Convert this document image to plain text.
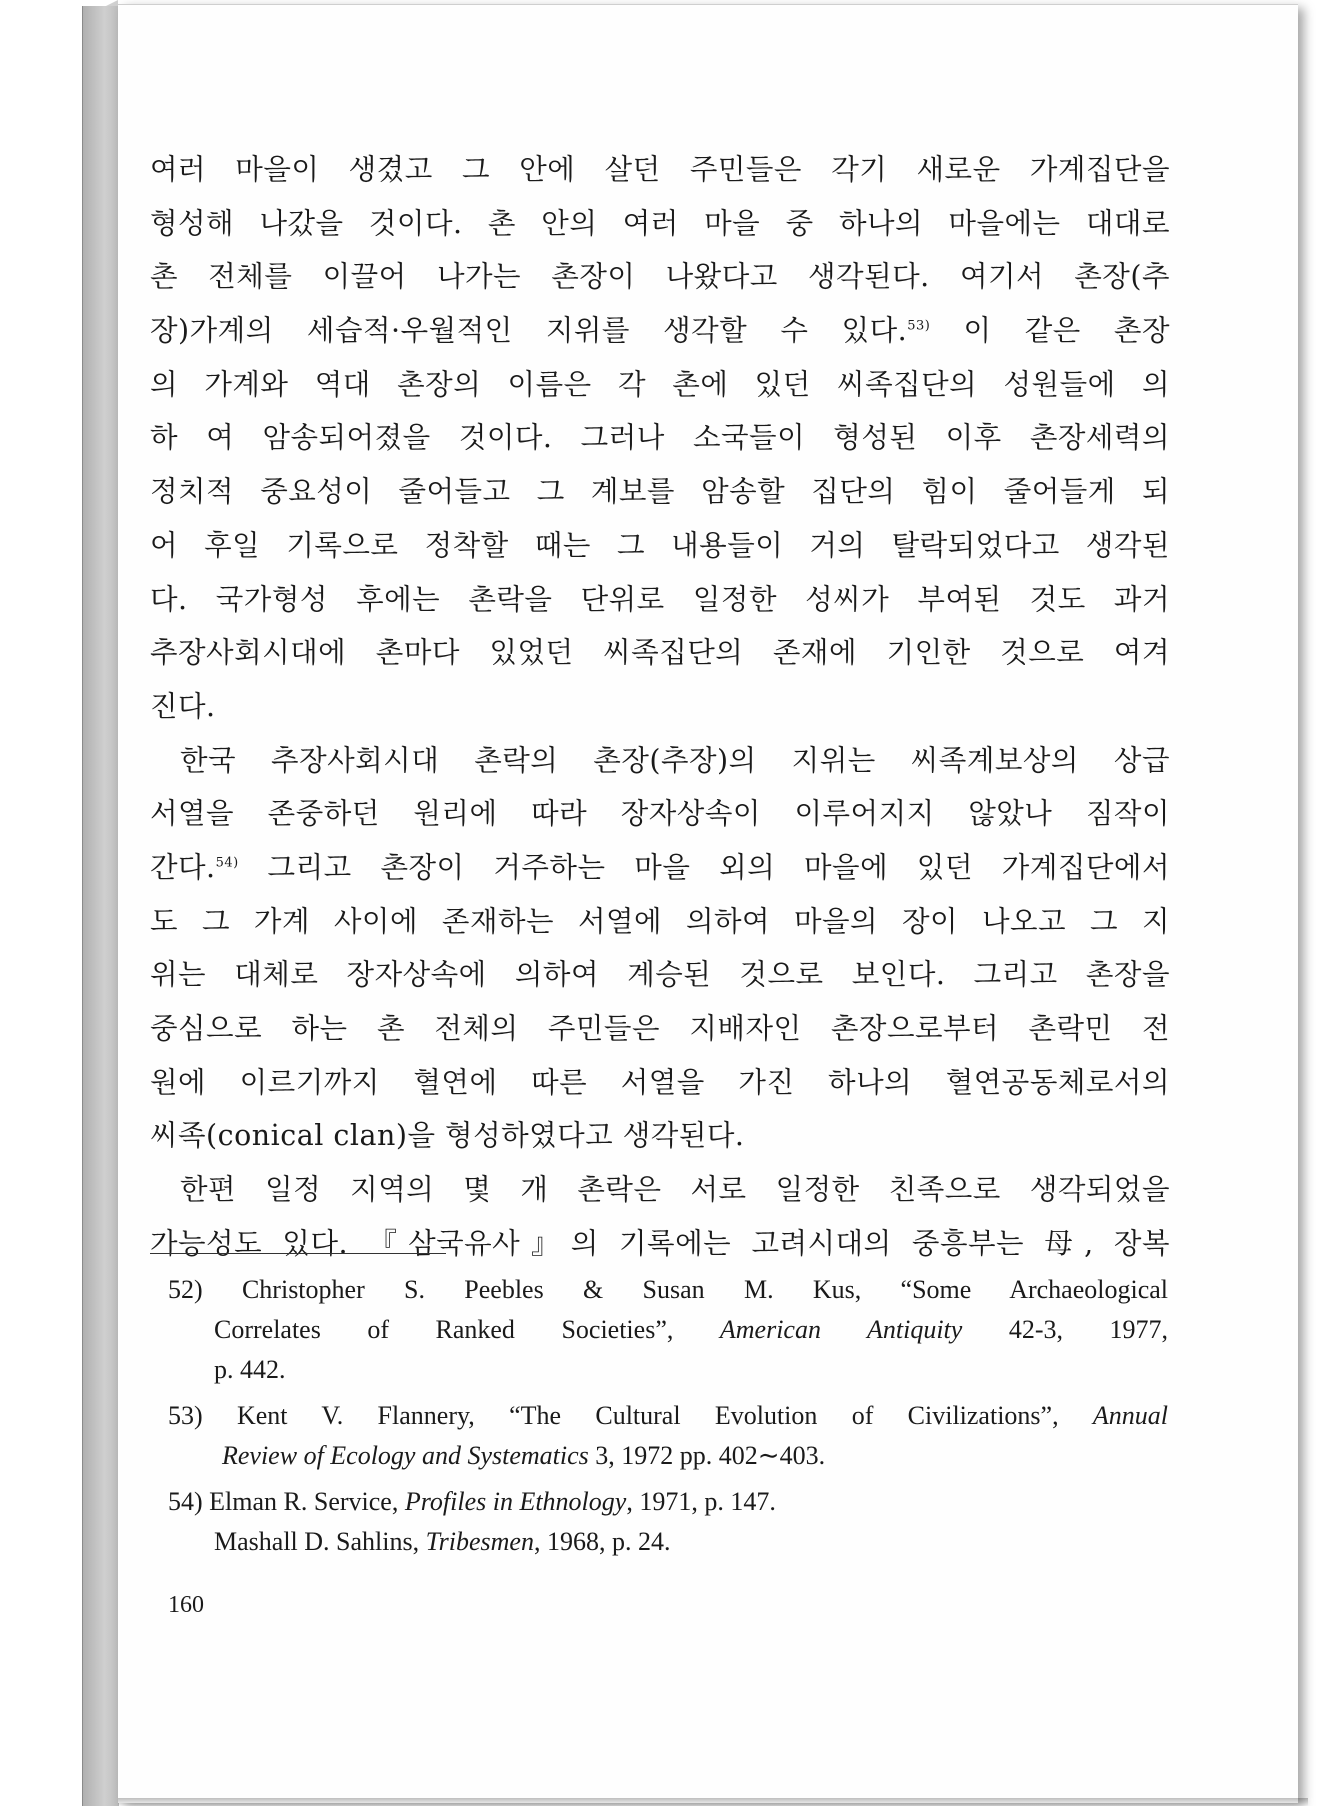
여러 마을이 생겼고 그 안에 살던 주민들은 각기 새로운 가계집단을
형성해 나갔을 것이다. 촌 안의 여러 마을 중 하나의 마을에는 대대로
촌 전체를 이끌어 나가는 촌장이 나왔다고 생각된다. 여기서 촌장(추
장)가계의 세습적·우월적인 지위를 생각할 수 있다.$^{53)}$ 이 같은 촌장
의 가계와 역대 촌장의 이름은 각 촌에 있던 씨족집단의 성원들에 의
하 여 암송되어졌을 것이다. 그러나 소국들이 형성된 이후 촌장세력의
정치적 중요성이 줄어들고 그 계보를 암송할 집단의 힘이 줄어들게 되
어 후일 기록으로 정착할 때는 그 내용들이 거의 탈락되었다고 생각된
다. 국가형성 후에는 촌락을 단위로 일정한 성씨가 부여된 것도 과거
추장사회시대에 촌마다 있었던 씨족집단의 존재에 기인한 것으로 여겨
진다.
한국 추장사회시대 촌락의 촌장(추장)의 지위는 씨족계보상의 상급
서열을 존중하던 원리에 따라 장자상속이 이루어지지 않았나 짐작이
간다.$^{54)}$ 그리고 촌장이 거주하는 마을 외의 마을에 있던 가계집단에서
도 그 가계 사이에 존재하는 서열에 의하여 마을의 장이 나오고 그 지
위는 대체로 장자상속에 의하여 계승된 것으로 보인다. 그리고 촌장을
중심으로 하는 촌 전체의 주민들은 지배자인 촌장으로부터 촌락민 전
원에 이르기까지 혈연에 따른 서열을 가진 하나의 혈연공동체로서의
씨족(conical clan)을 형성하였다고 생각된다.
한편 일정 지역의 몇 개 촌락은 서로 일정한 친족으로 생각되었을
가능성도 있다. 『삼국유사』의 기록에는 고려시대의 중흥부는 母, 장복
52) Christopher S. Peebles & Susan M. Kus, “Some Archaeological
Correlates of Ranked Societies”, American Antiquity 42-3, 1977,
p. 442.
53) Kent V. Flannery, “The Cultural Evolution of Civilizations”, Annual
Review of Ecology and Systematics 3, 1972 pp. 402∼403.
54) Elman R. Service, Profiles in Ethnology, 1971, p. 147.
Mashall D. Sahlins, Tribesmen, 1968, p. 24.
160
